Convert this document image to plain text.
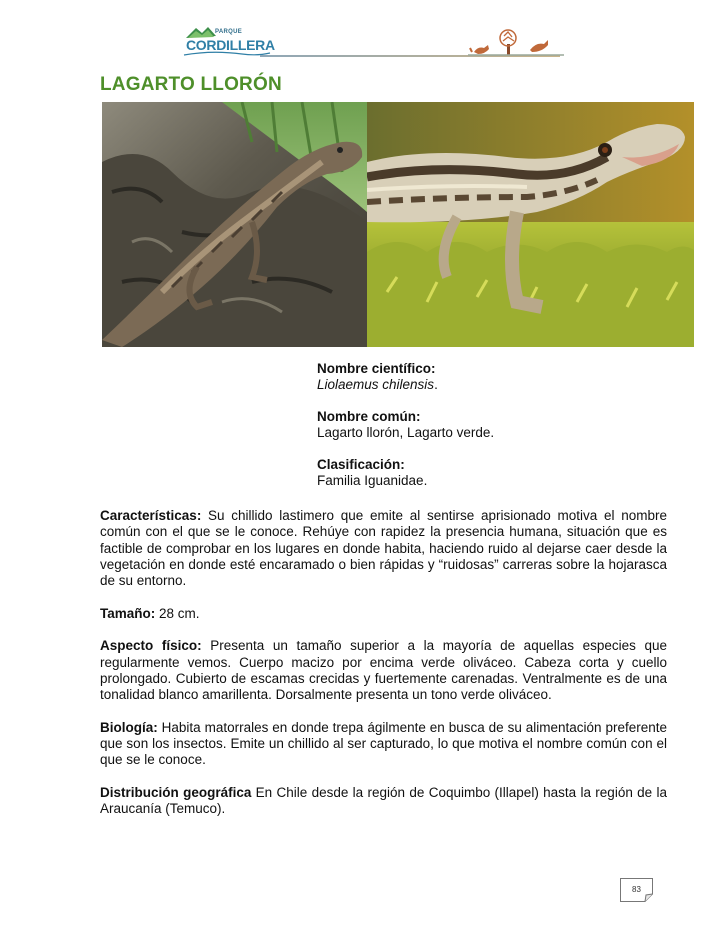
PARQUE
CORDILLERA
LAGARTO LLORÓN
Nombre científico:
Liolaemus chilensis.
Nombre común:
Lagarto llorón, Lagarto verde.
Clasificación:
Familia Iguanidae.

Características: Su chillido lastimero que emite al sentirse aprisionado motiva el nombre común con el que se le conoce. Rehúye con rapidez la presencia humana, situación que es factible de comprobar en los lugares en donde habita, haciendo ruido al dejarse caer desde la vegetación en donde esté encaramado o bien rápidas y “ruidosas” carreras sobre la hojarasca de su entorno.

Tamaño: 28 cm.

Aspecto físico: Presenta un tamaño superior a la mayoría de aquellas especies que regularmente vemos. Cuerpo macizo por encima verde oliváceo. Cabeza corta y cuello prolongado. Cubierto de escamas crecidas y fuertemente carenadas. Ventralmente es de una tonalidad blanco amarillenta. Dorsalmente presenta un tono verde oliváceo.

Biología: Habita matorrales en donde trepa ágilmente en busca de su alimentación preferente que son los insectos. Emite un chillido al ser capturado, lo que motiva el nombre común con el que se le conoce.

Distribución geográfica En Chile desde la región de Coquimbo (Illapel) hasta la región de la Araucanía (Temuco).

83
